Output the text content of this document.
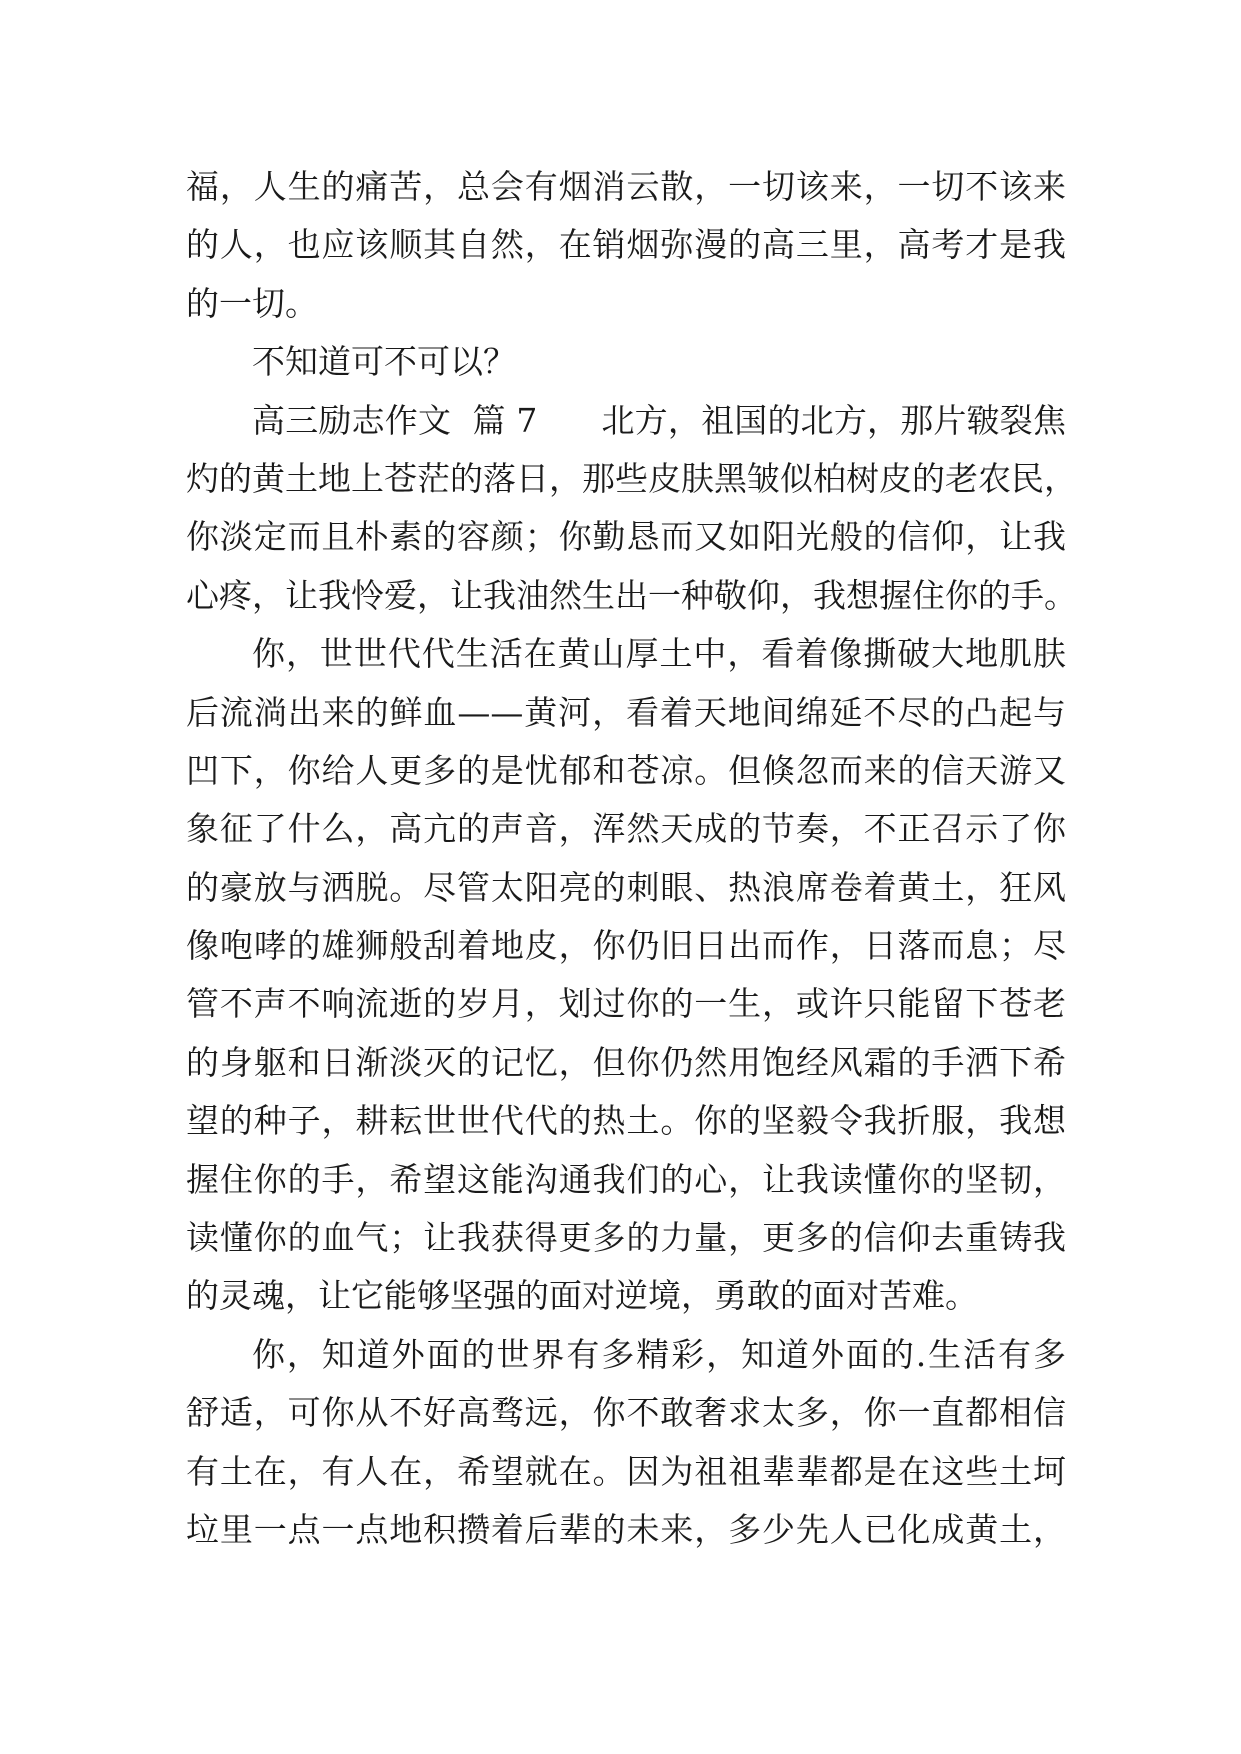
福，人生的痛苦，总会有烟消云散，一切该来，一切不该来
的人，也应该顺其自然，在销烟弥漫的高三里，高考才是我
的一切。
不知道可不可以？
高三励志作文  篇 7      北方，祖国的北方，那片皲裂焦
灼的黄土地上苍茫的落日，那些皮肤黑皱似柏树皮的老农民，
你淡定而且朴素的容颜；你勤恳而又如阳光般的信仰，让我
心疼，让我怜爱，让我油然生出一种敬仰，我想握住你的手。
你，世世代代生活在黄山厚土中，看着像撕破大地肌肤
后流淌出来的鲜血——黄河，看着天地间绵延不尽的凸起与
凹下，你给人更多的是忧郁和苍凉。但倏忽而来的信天游又
象征了什么，高亢的声音，浑然天成的节奏，不正召示了你
的豪放与洒脱。尽管太阳亮的刺眼、热浪席卷着黄土，狂风
像咆哮的雄狮般刮着地皮，你仍旧日出而作，日落而息；尽
管不声不响流逝的岁月，划过你的一生，或许只能留下苍老
的身躯和日渐淡灭的记忆，但你仍然用饱经风霜的手洒下希
望的种子，耕耘世世代代的热土。你的坚毅令我折服，我想
握住你的手，希望这能沟通我们的心，让我读懂你的坚韧，
读懂你的血气；让我获得更多的力量，更多的信仰去重铸我
的灵魂，让它能够坚强的面对逆境，勇敢的面对苦难。
你，知道外面的世界有多精彩，知道外面的.生活有多
舒适，可你从不好高骛远，你不敢奢求太多，你一直都相信
有土在，有人在，希望就在。因为祖祖辈辈都是在这些土坷
垃里一点一点地积攒着后辈的未来，多少先人已化成黄土，
